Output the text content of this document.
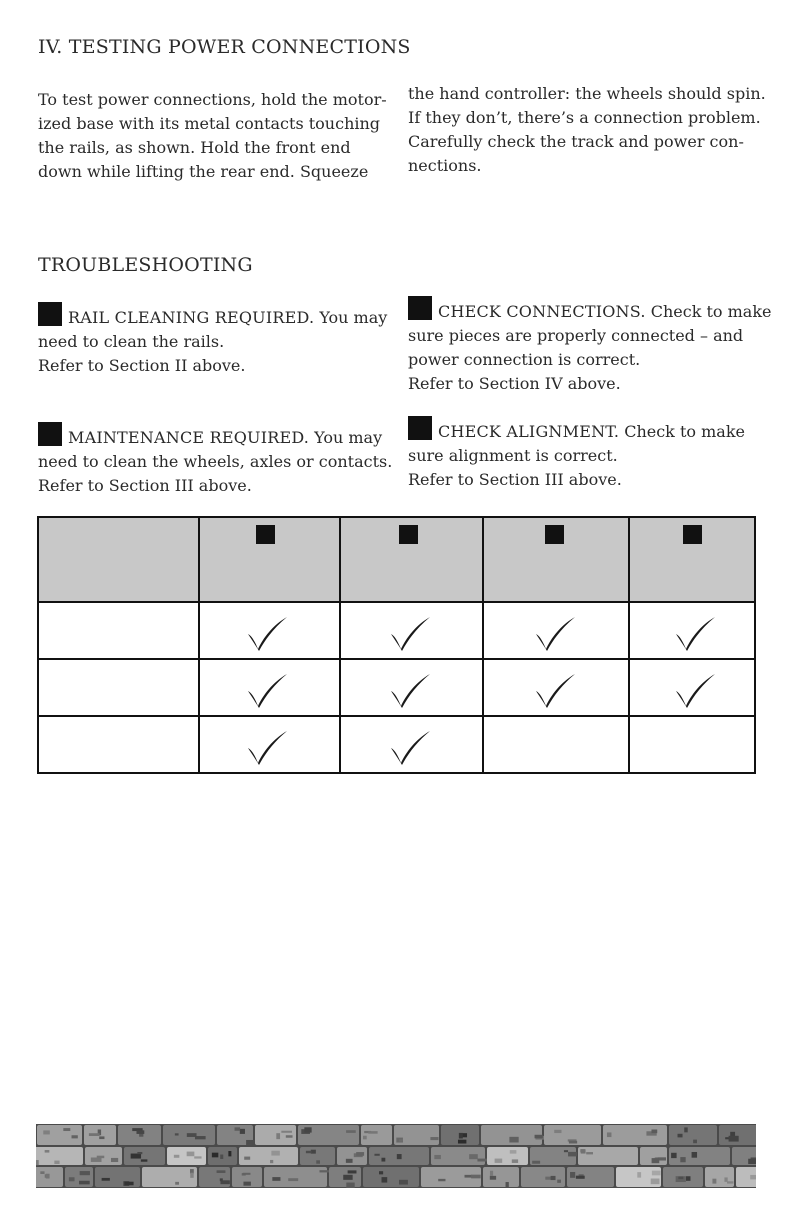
IV. TESTING POWER CONNECTIONS
To test power connections, hold the motor-
ized base with its metal contacts touching
the rails, as shown. Hold the front end
down while lifting the rear end. Squeeze
the hand controller: the wheels should spin.
If they don’t, there’s a connection problem.
Carefully check the track and power con-
nections.
TROUBLESHOOTING
RAIL CLEANING REQUIRED. You may
need to clean the rails.
Refer to Section II above.
CHECK CONNECTIONS. Check to make
sure pieces are properly connected – and
power connection is correct.
Refer to Section IV above.
MAINTENANCE REQUIRED. You may
need to clean the wheels, axles or contacts.
Refer to Section III above.
CHECK ALIGNMENT. Check to make
sure alignment is correct.
Refer to Section III above.
